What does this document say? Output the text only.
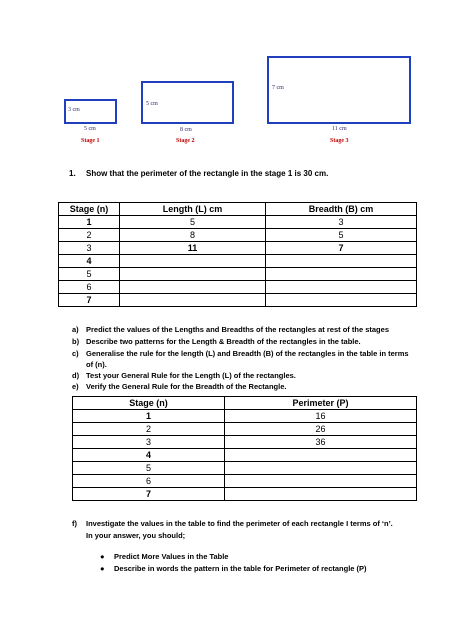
3 cm
5 cm
Stage 1
5 cm
8 cm
Stage 2
7 cm
11 cm
Stage 3
1. Show that the perimeter of the rectangle in the stage 1 is 30 cm.
Stage (n)	Length (L) cm	Breadth (B) cm
1	5	3
2	8	5
3	11	7
4		
5		
6		
7		
a) Predict the values of the Lengths and Breadths of the rectangles at rest of the stages
b) Describe two patterns for the Length & Breadth of the rectangles in the table.
c) Generalise the rule for the length (L) and Breadth (B) of the rectangles in the table in terms
of (n).
d) Test your General Rule for the Length (L) of the rectangles.
e) Verify the General Rule for the Breadth of the Rectangle.
Stage (n)	Perimeter (P)
1	16
2	26
3	36
4	
5	
6	
7	
f) Investigate the values in the table to find the perimeter of each rectangle I terms of ‘n’.
In your answer, you should;
● Predict More Values in the Table
● Describe in words the pattern in the table for Perimeter of rectangle (P)
